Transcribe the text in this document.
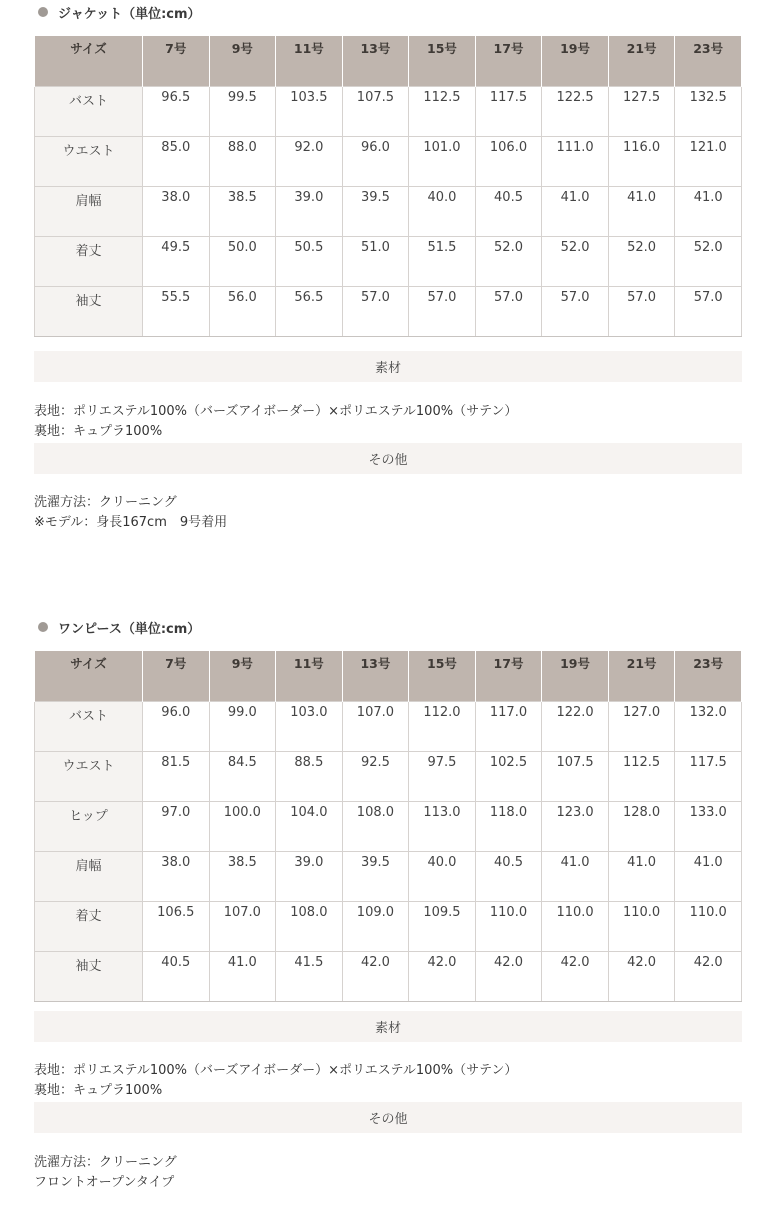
ジャケット（単位:cm）
サイズ	7号	9号	11号	13号	15号	17号	19号	21号	23号
バスト	96.5	99.5	103.5	107.5	112.5	117.5	122.5	127.5	132.5
ウエスト	85.0	88.0	92.0	96.0	101.0	106.0	111.0	116.0	121.0
肩幅	38.0	38.5	39.0	39.5	40.0	40.5	41.0	41.0	41.0
着丈	49.5	50.0	50.5	51.0	51.5	52.0	52.0	52.0	52.0
袖丈	55.5	56.0	56.5	57.0	57.0	57.0	57.0	57.0	57.0
素材
表地：ポリエステル100%（バーズアイボーダー）×ポリエステル100%（サテン）
裏地：キュプラ100%
その他
洗濯方法：クリーニング
※モデル：身長167cm　9号着用
ワンピース（単位:cm）
サイズ	7号	9号	11号	13号	15号	17号	19号	21号	23号
バスト	96.0	99.0	103.0	107.0	112.0	117.0	122.0	127.0	132.0
ウエスト	81.5	84.5	88.5	92.5	97.5	102.5	107.5	112.5	117.5
ヒップ	97.0	100.0	104.0	108.0	113.0	118.0	123.0	128.0	133.0
肩幅	38.0	38.5	39.0	39.5	40.0	40.5	41.0	41.0	41.0
着丈	106.5	107.0	108.0	109.0	109.5	110.0	110.0	110.0	110.0
袖丈	40.5	41.0	41.5	42.0	42.0	42.0	42.0	42.0	42.0
素材
表地：ポリエステル100%（バーズアイボーダー）×ポリエステル100%（サテン）
裏地：キュプラ100%
その他
洗濯方法：クリーニング
フロントオープンタイプ
